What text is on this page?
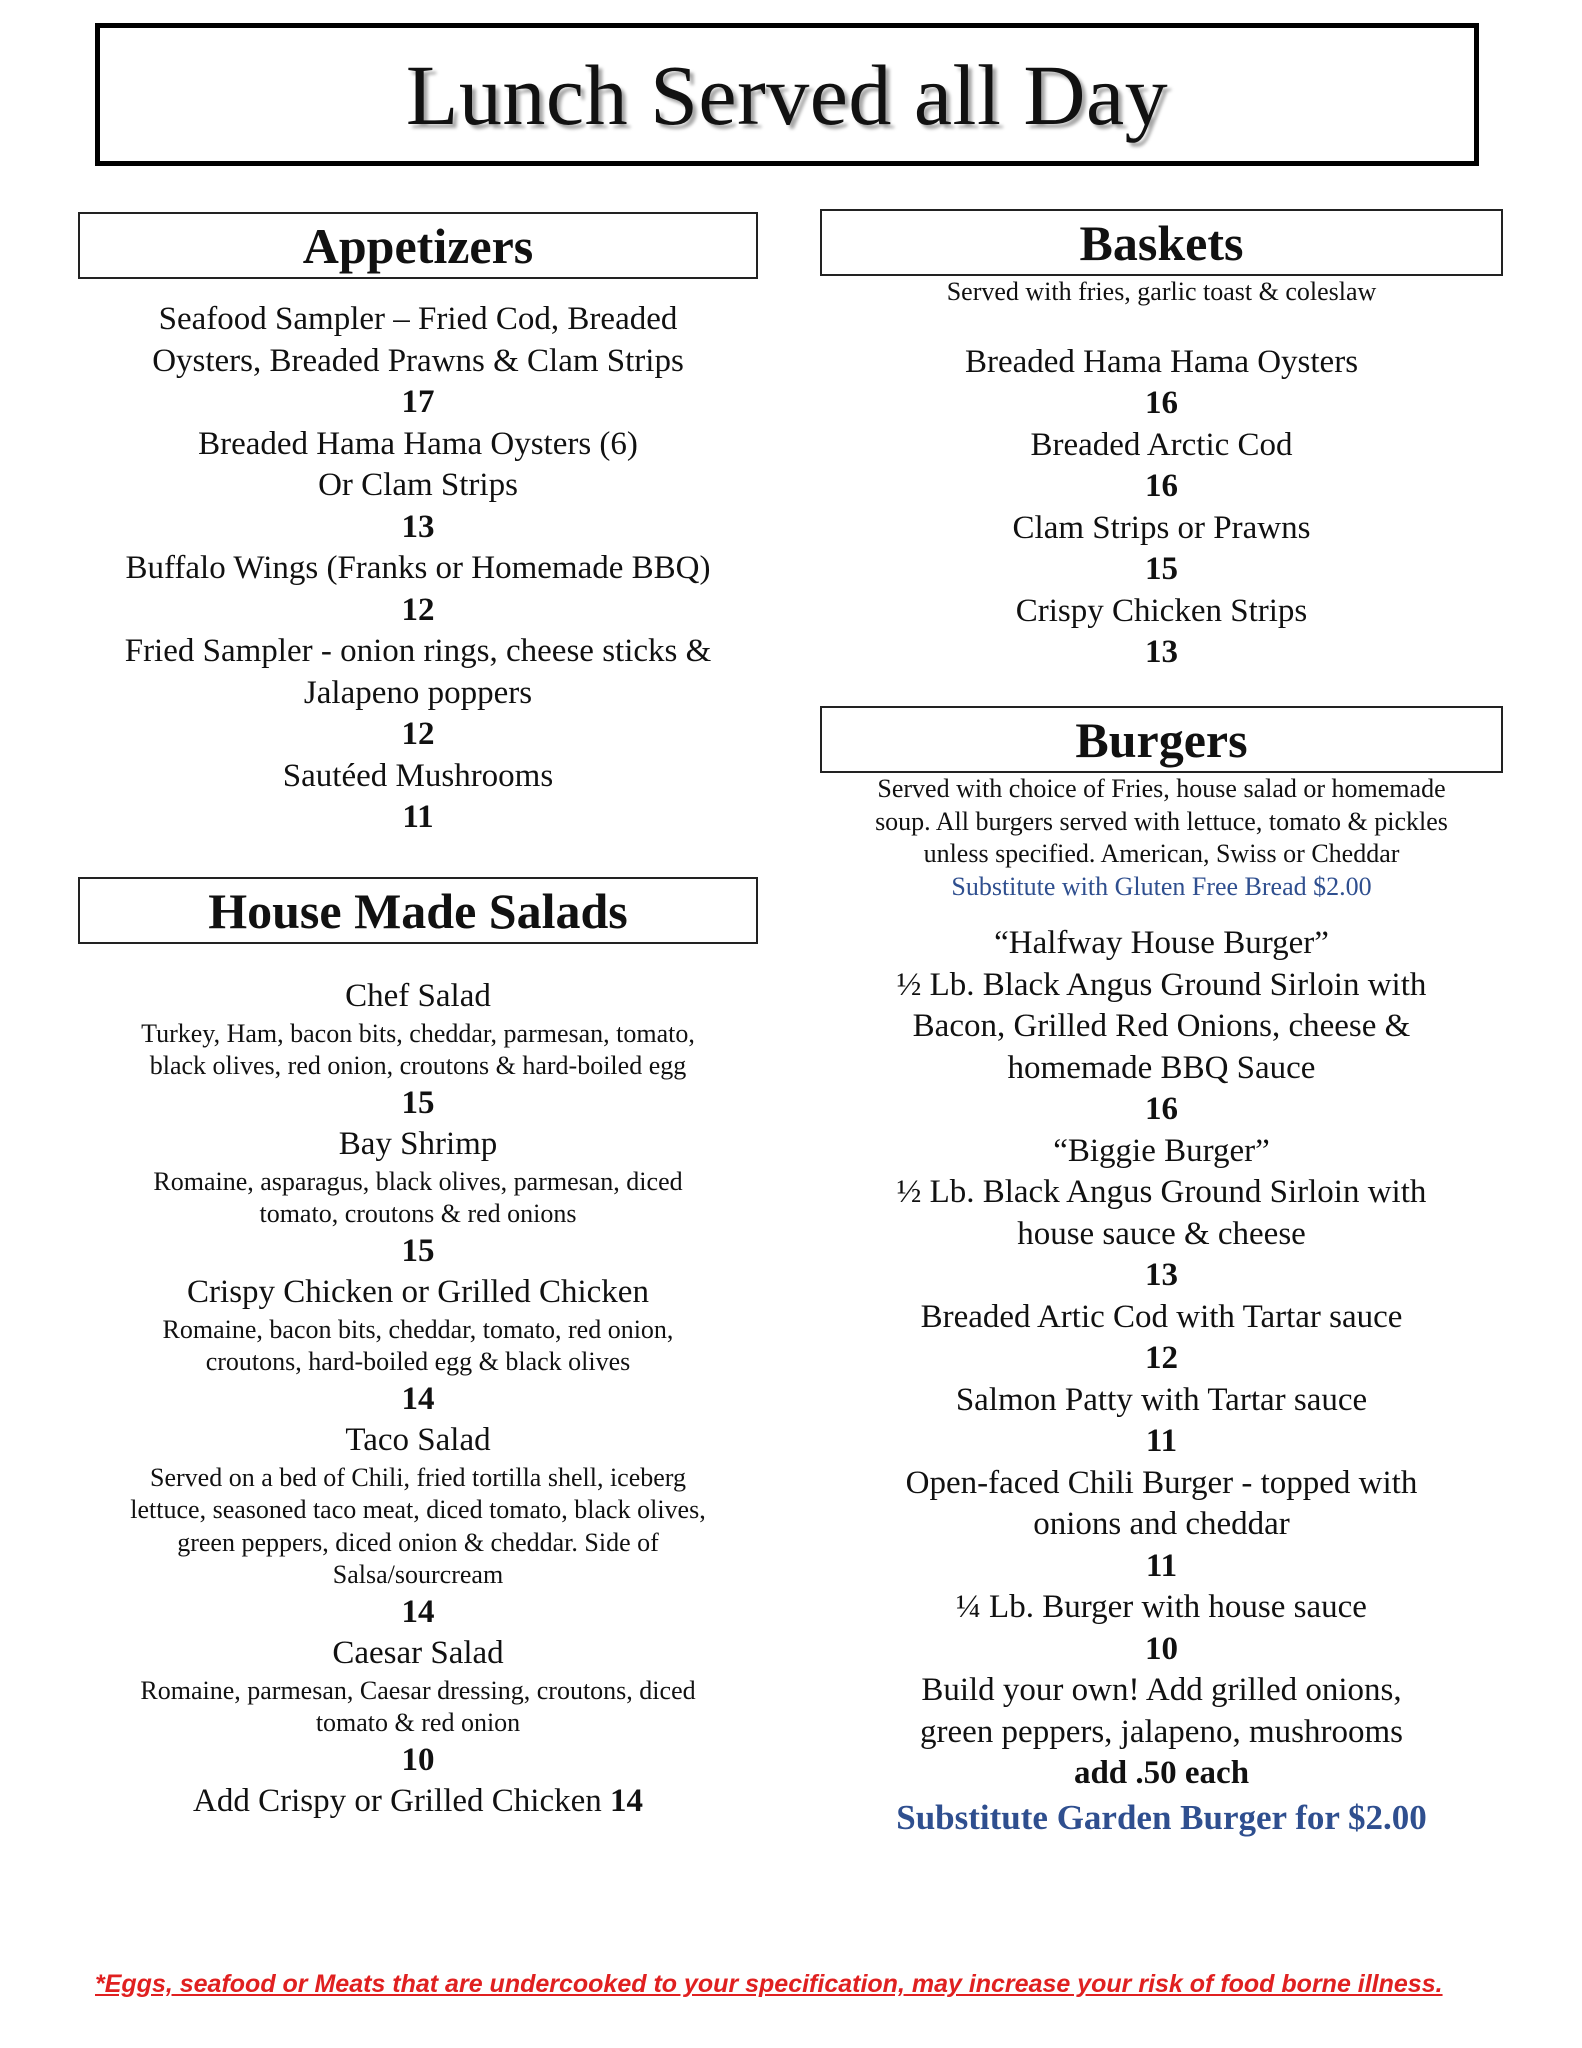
Lunch Served all Day
Appetizers
Seafood Sampler – Fried Cod, Breaded
Oysters, Breaded Prawns & Clam Strips
17
Breaded Hama Hama Oysters (6)
Or Clam Strips
13
Buffalo Wings (Franks or Homemade BBQ)
12
Fried Sampler - onion rings, cheese sticks &
Jalapeno poppers
12
Sautéed Mushrooms
11
House Made Salads
Chef Salad
Turkey, Ham, bacon bits, cheddar, parmesan, tomato,
black olives, red onion, croutons & hard-boiled egg
15
Bay Shrimp
Romaine, asparagus, black olives, parmesan, diced
tomato, croutons & red onions
15
Crispy Chicken or Grilled Chicken
Romaine, bacon bits, cheddar, tomato, red onion,
croutons, hard-boiled egg & black olives
14
Taco Salad
Served on a bed of Chili, fried tortilla shell, iceberg
lettuce, seasoned taco meat, diced tomato, black olives,
green peppers, diced onion & cheddar. Side of
Salsa/sourcream
14
Caesar Salad
Romaine, parmesan, Caesar dressing, croutons, diced
tomato & red onion
10
Add Crispy or Grilled Chicken 14
Baskets
Served with fries, garlic toast & coleslaw
Breaded Hama Hama Oysters
16
Breaded Arctic Cod
16
Clam Strips or Prawns
15
Crispy Chicken Strips
13
Burgers
Served with choice of Fries, house salad or homemade
soup. All burgers served with lettuce, tomato & pickles
unless specified. American, Swiss or Cheddar
Substitute with Gluten Free Bread $2.00
“Halfway House Burger”
½ Lb. Black Angus Ground Sirloin with
Bacon, Grilled Red Onions, cheese &
homemade BBQ Sauce
16
“Biggie Burger”
½ Lb. Black Angus Ground Sirloin with
house sauce & cheese
13
Breaded Artic Cod with Tartar sauce
12
Salmon Patty with Tartar sauce
11
Open-faced Chili Burger - topped with
onions and cheddar
11
¼ Lb. Burger with house sauce
10
Build your own! Add grilled onions,
green peppers, jalapeno, mushrooms
add .50 each
Substitute Garden Burger for $2.00
*Eggs, seafood or Meats that are undercooked to your specification, may increase your risk of food borne illness.
